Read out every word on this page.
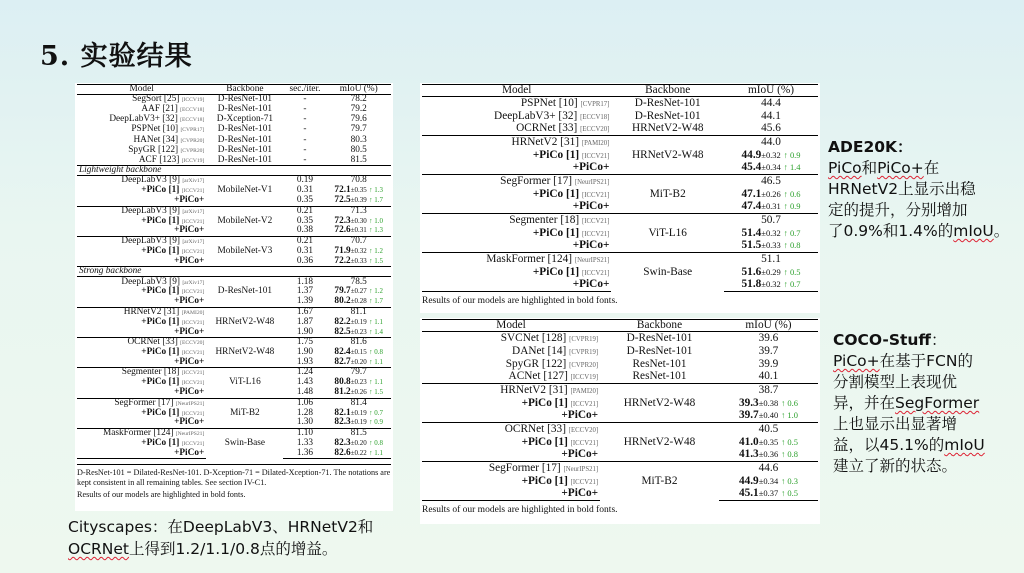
5. 实验结果
Model	Backbone	sec./iter.	mIoU (%)
SegSort [25] [ICCV19]	D-ResNet-101	-	78.2
AAF [21] [ECCV18]	D-ResNet-101	-	79.2
DeepLabV3+ [32] [ECCV18]	D-Xception-71	-	79.6
PSPNet [10] [CVPR17]	D-ResNet-101	-	79.7
HANet [34] [CVPR20]	D-ResNet-101	-	80.3
SpyGR [122] [CVPR20]	D-ResNet-101	-	80.5
ACF [123] [ICCV19]	D-ResNet-101	-	81.5
Lightweight backbone			
DeepLabV3 [9] [arXiv17]	MobileNet-V1	0.19	70.8
+PiCo [1] [ICCV21]		0.31	72.1±0.35 ↑ 1.3
+PiCo+		0.35	72.5±0.39 ↑ 1.7
DeepLabV3 [9] [arXiv17]	MobileNet-V2	0.21	71.3
+PiCo [1] [ICCV21]		0.35	72.3±0.30 ↑ 1.0
+PiCo+		0.38	72.6±0.31 ↑ 1.3
DeepLabV3 [9] [arXiv17]	MobileNet-V3	0.21	70.7
+PiCo [1] [ICCV21]		0.31	71.9±0.32 ↑ 1.2
+PiCo+		0.36	72.2±0.33 ↑ 1.5
Strong backbone			
DeepLabV3 [9] [arXiv17]	D-ResNet-101	1.18	78.5
+PiCo [1] [ICCV21]		1.37	79.7±0.27 ↑ 1.2
+PiCo+		1.39	80.2±0.28 ↑ 1.7
HRNetV2 [31] [PAMI20]	HRNetV2-W48	1.67	81.1
+PiCo [1] [ICCV21]		1.87	82.2±0.19 ↑ 1.1
+PiCo+		1.90	82.5±0.23 ↑ 1.4
OCRNet [33] [ECCV20]	HRNetV2-W48	1.75	81.6
+PiCo [1] [ICCV21]		1.90	82.4±0.15 ↑ 0.8
+PiCo+		1.93	82.7±0.20 ↑ 1.1
Segmenter [18] [ICCV21]	ViT-L16	1.24	79.7
+PiCo [1] [ICCV21]		1.43	80.8±0.23 ↑ 1.1
+PiCo+		1.48	81.2±0.26 ↑ 1.5
SegFormer [17] [NeurIPS21]	MiT-B2	1.06	81.4
+PiCo [1] [ICCV21]		1.28	82.1±0.19 ↑ 0.7
+PiCo+		1.30	82.3±0.19 ↑ 0.9
MaskFormer [124] [NeurIPS21]	Swin-Base	1.10	81.5
+PiCo [1] [ICCV21]		1.33	82.3±0.20 ↑ 0.8
+PiCo+		1.36	82.6±0.22 ↑ 1.1
D-ResNet-101 = Dilated-ResNet-101. D-Xception-71 = Dilated-Xception-71. The notations are kept consistent in all remaining tables. See section IV-C1.
Results of our models are highlighted in bold fonts.
Model	Backbone	mIoU (%)
PSPNet [10] [CVPR17]	D-ResNet-101	44.4
DeepLabV3+ [32] [ECCV18]	D-ResNet-101	44.1
OCRNet [33] [ECCV20]	HRNetV2-W48	45.6
HRNetV2 [31] [PAMI20]	HRNetV2-W48	44.0
+PiCo [1] [ICCV21]		44.9±0.32 ↑ 0.9
+PiCo+		45.4±0.34 ↑ 1.4
SegFormer [17] [NeurIPS21]	MiT-B2	46.5
+PiCo [1] [ICCV21]		47.1±0.26 ↑ 0.6
+PiCo+		47.4±0.31 ↑ 0.9
Segmenter [18] [ICCV21]	ViT-L16	50.7
+PiCo [1] [ICCV21]		51.4±0.32 ↑ 0.7
+PiCo+		51.5±0.33 ↑ 0.8
MaskFormer [124] [NeurIPS21]	Swin-Base	51.1
+PiCo [1] [ICCV21]		51.6±0.29 ↑ 0.5
+PiCo+		51.8±0.32 ↑ 0.7
Results of our models are highlighted in bold fonts.
Model	Backbone	mIoU (%)
SVCNet [128] [CVPR19]	D-ResNet-101	39.6
DANet [14] [CVPR19]	D-ResNet-101	39.7
SpyGR [122] [CVPR20]	ResNet-101	39.9
ACNet [127] [ICCV19]	ResNet-101	40.1
HRNetV2 [31] [PAMI20]	HRNetV2-W48	38.7
+PiCo [1] [ICCV21]		39.3±0.38 ↑ 0.6
+PiCo+		39.7±0.40 ↑ 1.0
OCRNet [33] [ECCV20]	HRNetV2-W48	40.5
+PiCo [1] [ICCV21]		41.0±0.35 ↑ 0.5
+PiCo+		41.3±0.36 ↑ 0.8
SegFormer [17] [NeurIPS21]	MiT-B2	44.6
+PiCo [1] [ICCV21]		44.9±0.34 ↑ 0.3
+PiCo+		45.1±0.37 ↑ 0.5
Results of our models are highlighted in bold fonts.
ADE20K：
PiCo和PiCo+在
HRNetV2上显示出稳
定的提升，分别增加
了0.9%和1.4%的mIoU。
COCO-Stuff：
PiCo+在基于FCN的
分割模型上表现优
异，并在SegFormer
上也显示出显著增
益，以45.1%的mIoU
建立了新的状态。
Cityscapes：在DeepLabV3、HRNetV2和
OCRNet上得到1.2/1.1/0.8点的增益。
